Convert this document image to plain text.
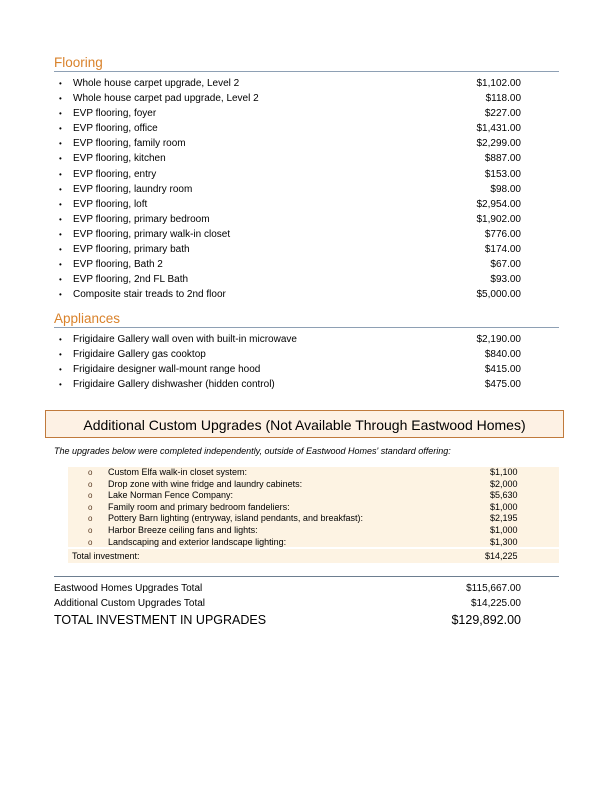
Flooring
• Whole house carpet upgrade, Level 2	$1,102.00
• Whole house carpet pad upgrade, Level 2	$118.00
• EVP flooring, foyer	$227.00
• EVP flooring, office	$1,431.00
• EVP flooring, family room	$2,299.00
• EVP flooring, kitchen	$887.00
• EVP flooring, entry	$153.00
• EVP flooring, laundry room	$98.00
• EVP flooring, loft	$2,954.00
• EVP flooring, primary bedroom	$1,902.00
• EVP flooring, primary walk-in closet	$776.00
• EVP flooring, primary bath	$174.00
• EVP flooring, Bath 2	$67.00
• EVP flooring, 2nd FL Bath	$93.00
• Composite stair treads to 2nd floor	$5,000.00
Appliances
• Frigidaire Gallery wall oven with built-in microwave	$2,190.00
• Frigidaire Gallery gas cooktop	$840.00
• Frigidaire designer wall-mount range hood	$415.00
• Frigidaire Gallery dishwasher (hidden control)	$475.00
Additional Custom Upgrades (Not Available Through Eastwood Homes)
The upgrades below were completed independently, outside of Eastwood Homes' standard offering:
o Custom Elfa walk-in closet system:	$1,100
o Drop zone with wine fridge and laundry cabinets:	$2,000
o Lake Norman Fence Company:	$5,630
o Family room and primary bedroom fandeliers:	$1,000
o Pottery Barn lighting (entryway, island pendants, and breakfast):	$2,195
o Harbor Breeze ceiling fans and lights:	$1,000
o Landscaping and exterior landscape lighting:	$1,300
Total investment:	$14,225
Eastwood Homes Upgrades Total	$115,667.00
Additional Custom Upgrades Total	$14,225.00
TOTAL INVESTMENT IN UPGRADES	$129,892.00
